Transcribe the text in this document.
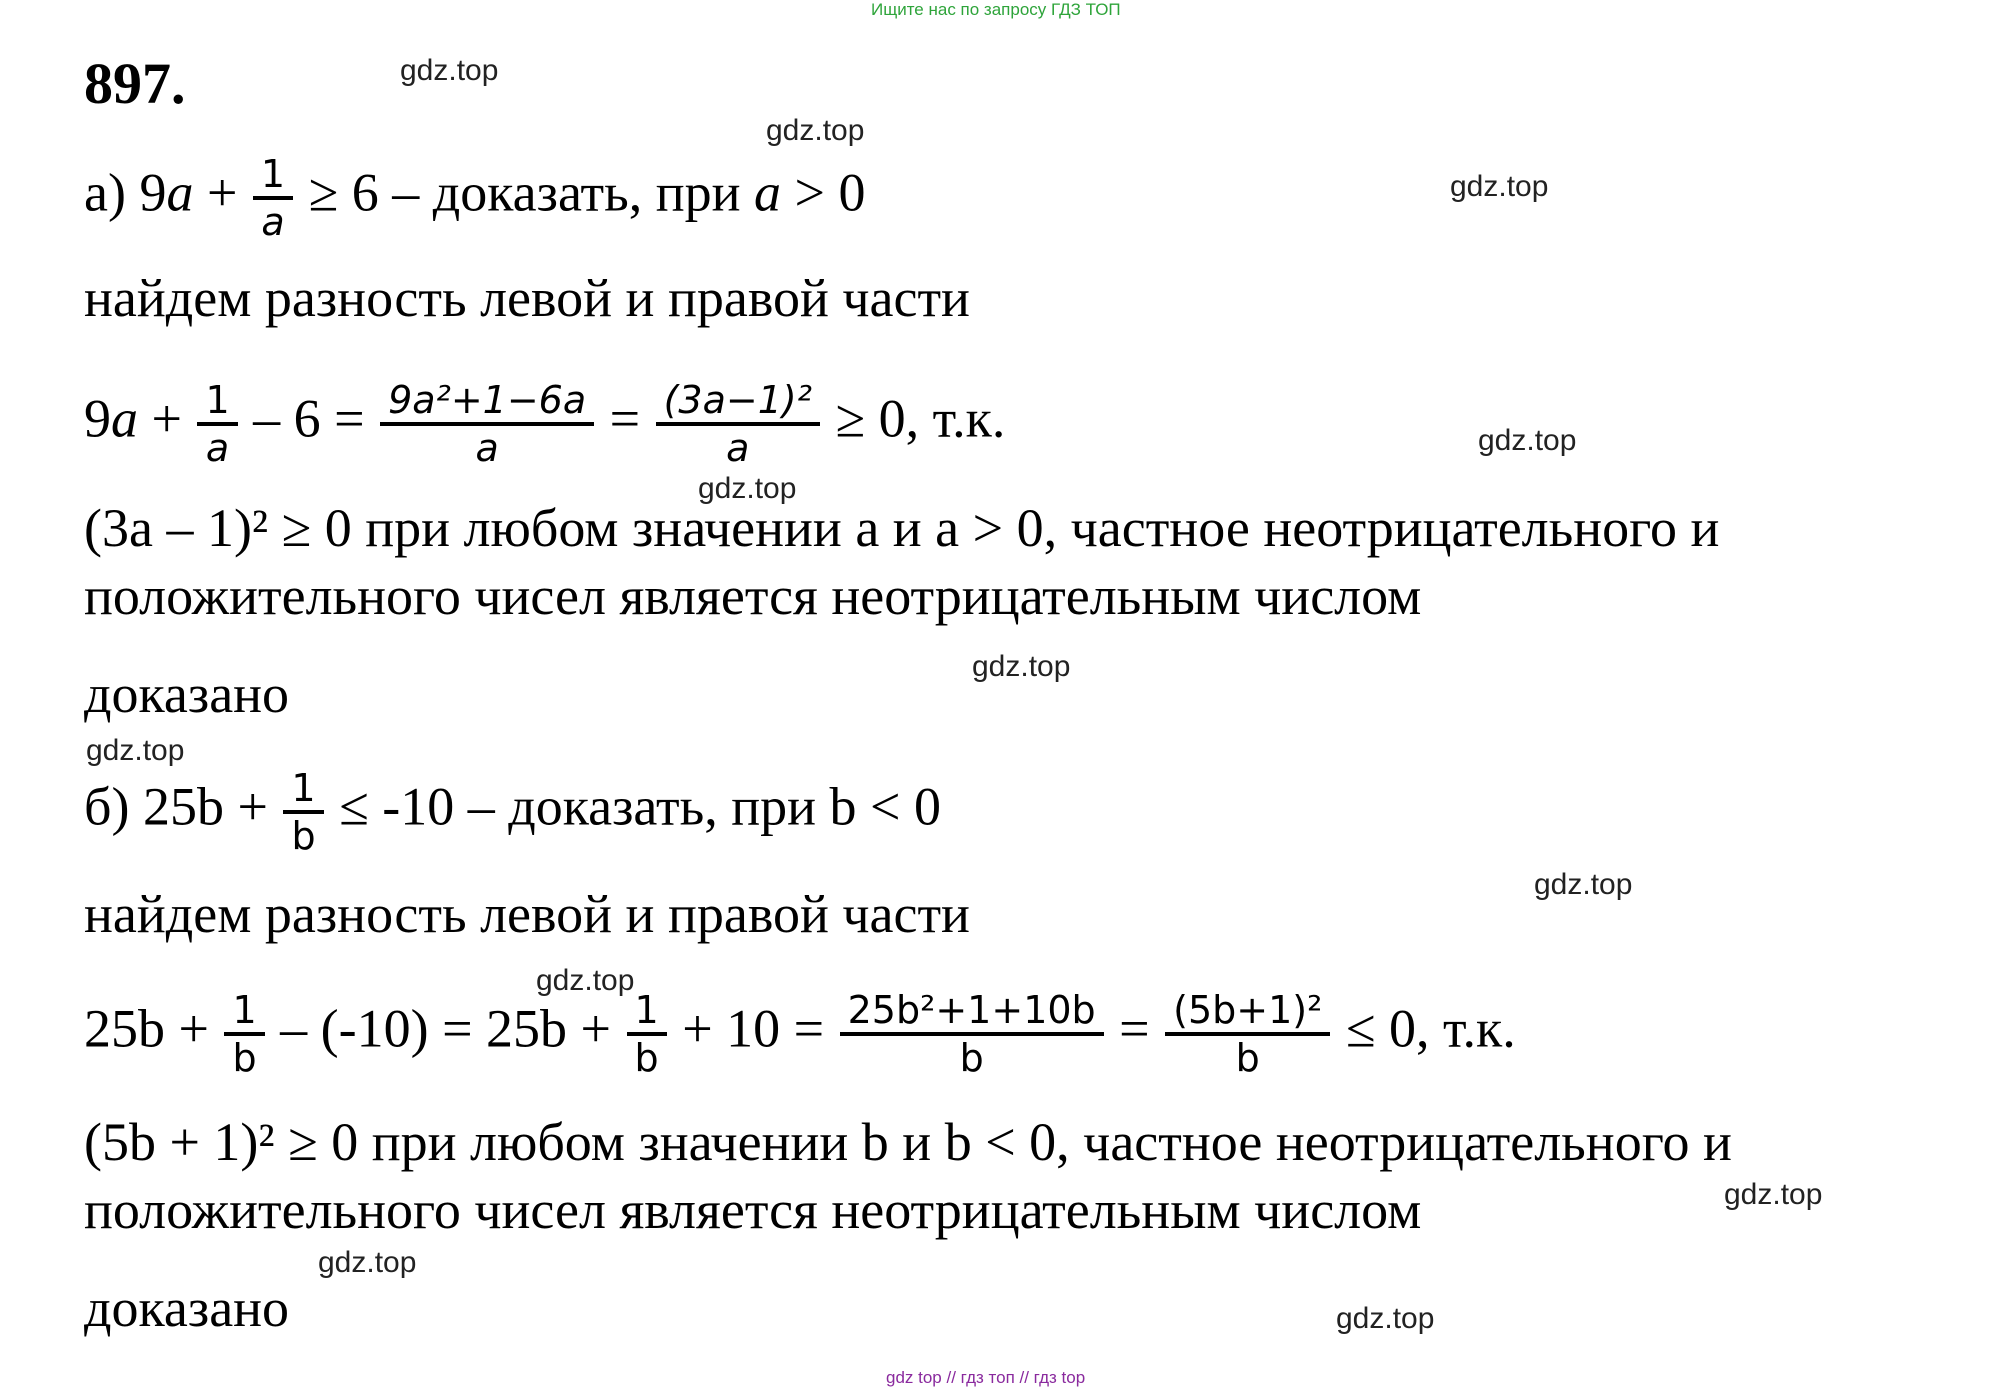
Ищите нас по запросу ГДЗ ТОП
897.	gdz.top
gdz.top
gdz.top
gdz.top
gdz.top
gdz.top
gdz.top
gdz.top
gdz.top
gdz.top
gdz.top
gdz.top
а) $9a + \frac{1}{a} \ge 6$ – доказать, при a > 0
найдем разность левой и правой части
$9a + \frac{1}{a} - 6 = \frac{\text{9a²+1−6a}}{a} = \frac{\text{(3a−1)²}}{a} \ge 0$, т.к.
(3a – 1)² ≥ 0 при любом значении a и a > 0, частное неотрицательного и
положительного чисел является неотрицательным числом
доказано
б) $25b + \frac{1}{b} \le -10$ – доказать, при b < 0
найдем разность левой и правой части
$25b + \frac{1}{b} - (-10) = 25b + \frac{1}{b} + 10 = \frac{\text{25b²+1+10b}}{b} = \frac{\text{(5b+1)²}}{b} \le 0$, т.к.
(5b + 1)² ≥ 0 при любом значении b и b < 0, частное неотрицательного и
положительного чисел является неотрицательным числом
доказано
gdz top // гдз топ // гдз top
